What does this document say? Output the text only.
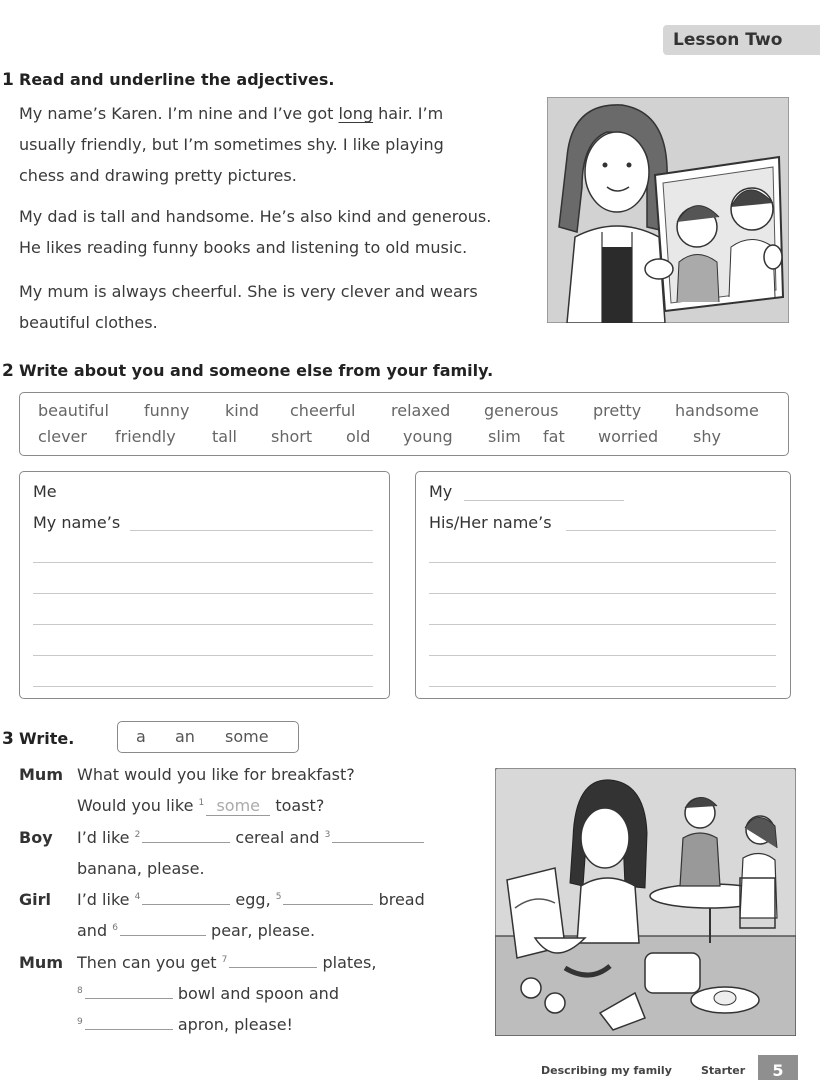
Lesson Two
1 Read and underline the adjectives.
My name’s Karen. I’m nine and I’ve got long hair. I’m
usually friendly, but I’m sometimes shy. I like playing
chess and drawing pretty pictures.
My dad is tall and handsome. He’s also kind and generous.
He likes reading funny books and listening to old music.
My mum is always cheerful. She is very clever and wears
beautiful clothes.
2 Write about you and someone else from your family.
beautiful funny kind cheerful relaxed generous pretty handsome
clever friendly tall short old young slim fat worried shy
Me
My name’s
My
His/Her name’s
3 Write.	a an some
Mum What would you like for breakfast?
Would you like $^1$ some toast?
Boy I’d like $^2$	cereal and $^3$
banana, please.
Girl I’d like $^4$	egg, $^5$	bread
and $^6$	pear, please.
Mum Then can you get $^7$	plates,
$^8$	bowl and spoon and
$^9$	apron, please!
Describing my family	Starter	5
